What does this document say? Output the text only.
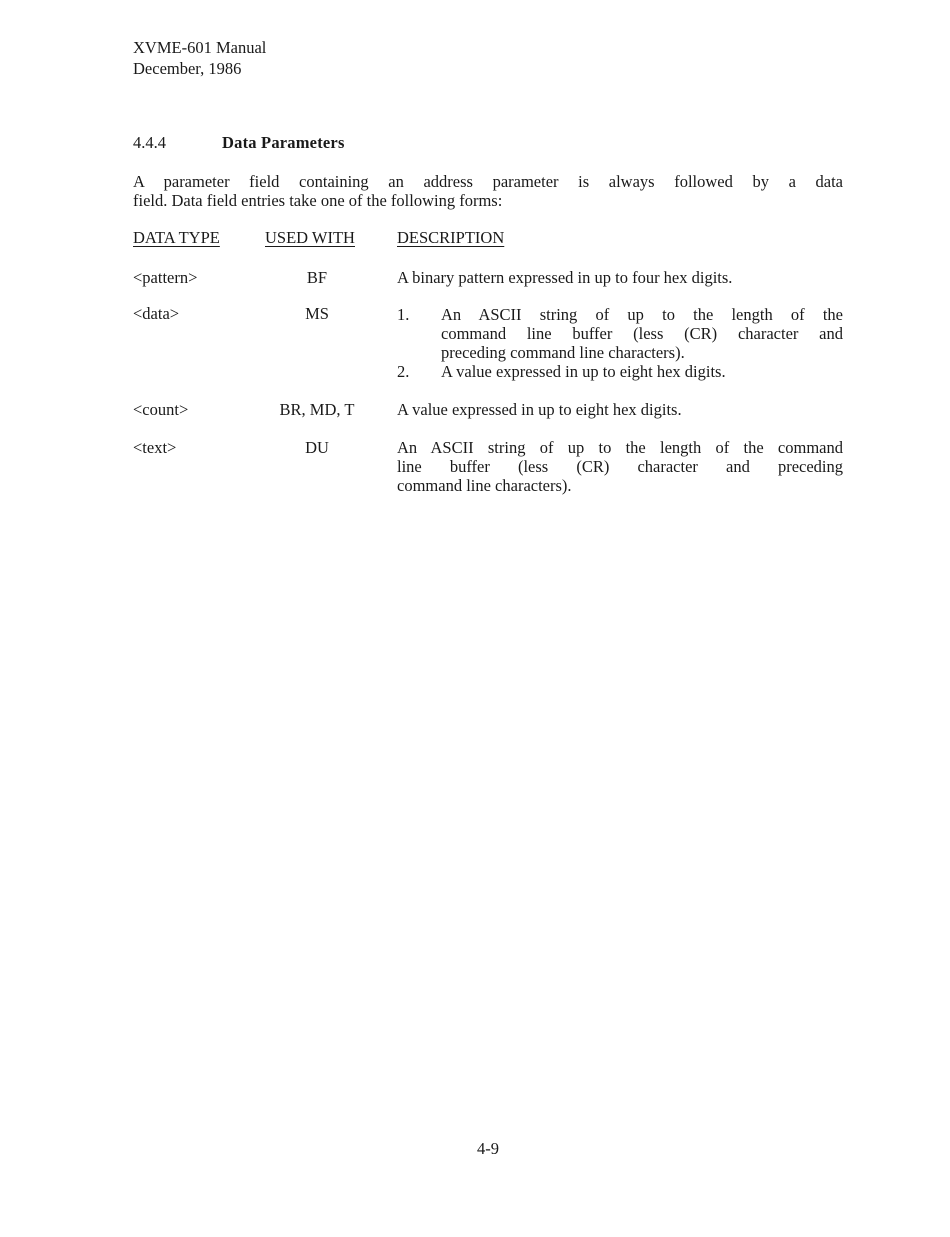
XVME-601 Manual
December, 1986
4.4.4	Data Parameters
A parameter field containing an address parameter is always followed by a data
field. Data field entries take one of the following forms:
DATA TYPE	USED WITH	DESCRIPTION
<pattern>	BF	A binary pattern expressed in up to four hex digits.
<data>	MS	1. An ASCII string of up to the length of the
command line buffer (less (CR) character and
preceding command line characters).
2. A value expressed in up to eight hex digits.
<count>	BR, MD, T	A value expressed in up to eight hex digits.
<text>	DU	An ASCII string of up to the length of the command
line buffer (less (CR) character and preceding
command line characters).
4-9
